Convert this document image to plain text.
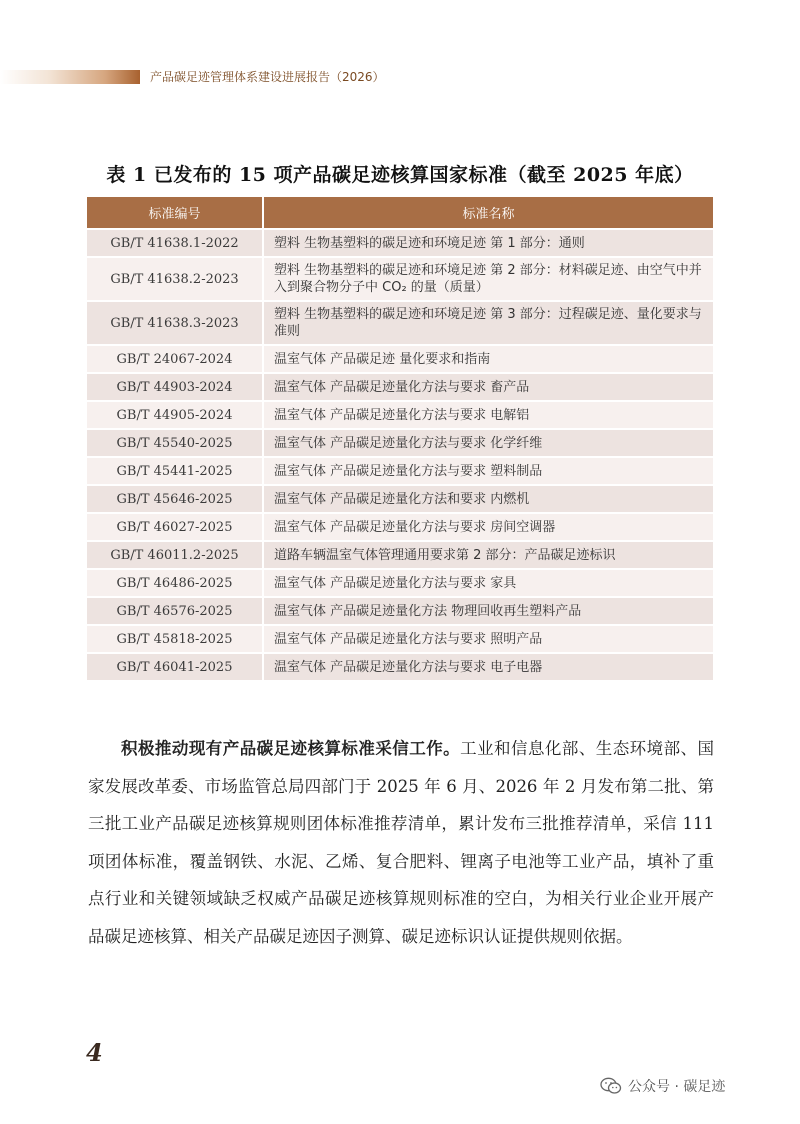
产品碳足迹管理体系建设进展报告（2026）
表 1 已发布的 15 项产品碳足迹核算国家标准（截至 2025 年底）
标准编号	标准名称
GB/T 41638.1-2022	塑料 生物基塑料的碳足迹和环境足迹 第 1 部分：通则
GB/T 41638.2-2023	塑料 生物基塑料的碳足迹和环境足迹 第 2 部分：材料碳足迹、由空气中并入到聚合物分子中 CO₂ 的量（质量）
GB/T 41638.3-2023	塑料 生物基塑料的碳足迹和环境足迹 第 3 部分：过程碳足迹、量化要求与准则
GB/T 24067-2024	温室气体 产品碳足迹 量化要求和指南
GB/T 44903-2024	温室气体 产品碳足迹量化方法与要求 畜产品
GB/T 44905-2024	温室气体 产品碳足迹量化方法与要求 电解铝
GB/T 45540-2025	温室气体 产品碳足迹量化方法与要求 化学纤维
GB/T 45441-2025	温室气体 产品碳足迹量化方法与要求 塑料制品
GB/T 45646-2025	温室气体 产品碳足迹量化方法和要求 内燃机
GB/T 46027-2025	温室气体 产品碳足迹量化方法与要求 房间空调器
GB/T 46011.2-2025	道路车辆温室气体管理通用要求第 2 部分：产品碳足迹标识
GB/T 46486-2025	温室气体 产品碳足迹量化方法与要求 家具
GB/T 46576-2025	温室气体 产品碳足迹量化方法 物理回收再生塑料产品
GB/T 45818-2025	温室气体 产品碳足迹量化方法与要求 照明产品
GB/T 46041-2025	温室气体 产品碳足迹量化方法与要求 电子电器

积极推动现有产品碳足迹核算标准采信工作。工业和信息化部、生态环境部、国家发展改革委、市场监管总局四部门于 2025 年 6 月、2026 年 2 月发布第二批、第三批工业产品碳足迹核算规则团体标准推荐清单，累计发布三批推荐清单，采信 111 项团体标准，覆盖钢铁、水泥、乙烯、复合肥料、锂离子电池等工业产品，填补了重点行业和关键领域缺乏权威产品碳足迹核算规则标准的空白，为相关行业企业开展产品碳足迹核算、相关产品碳足迹因子测算、碳足迹标识认证提供规则依据。

4
公众号 · 碳足迹
